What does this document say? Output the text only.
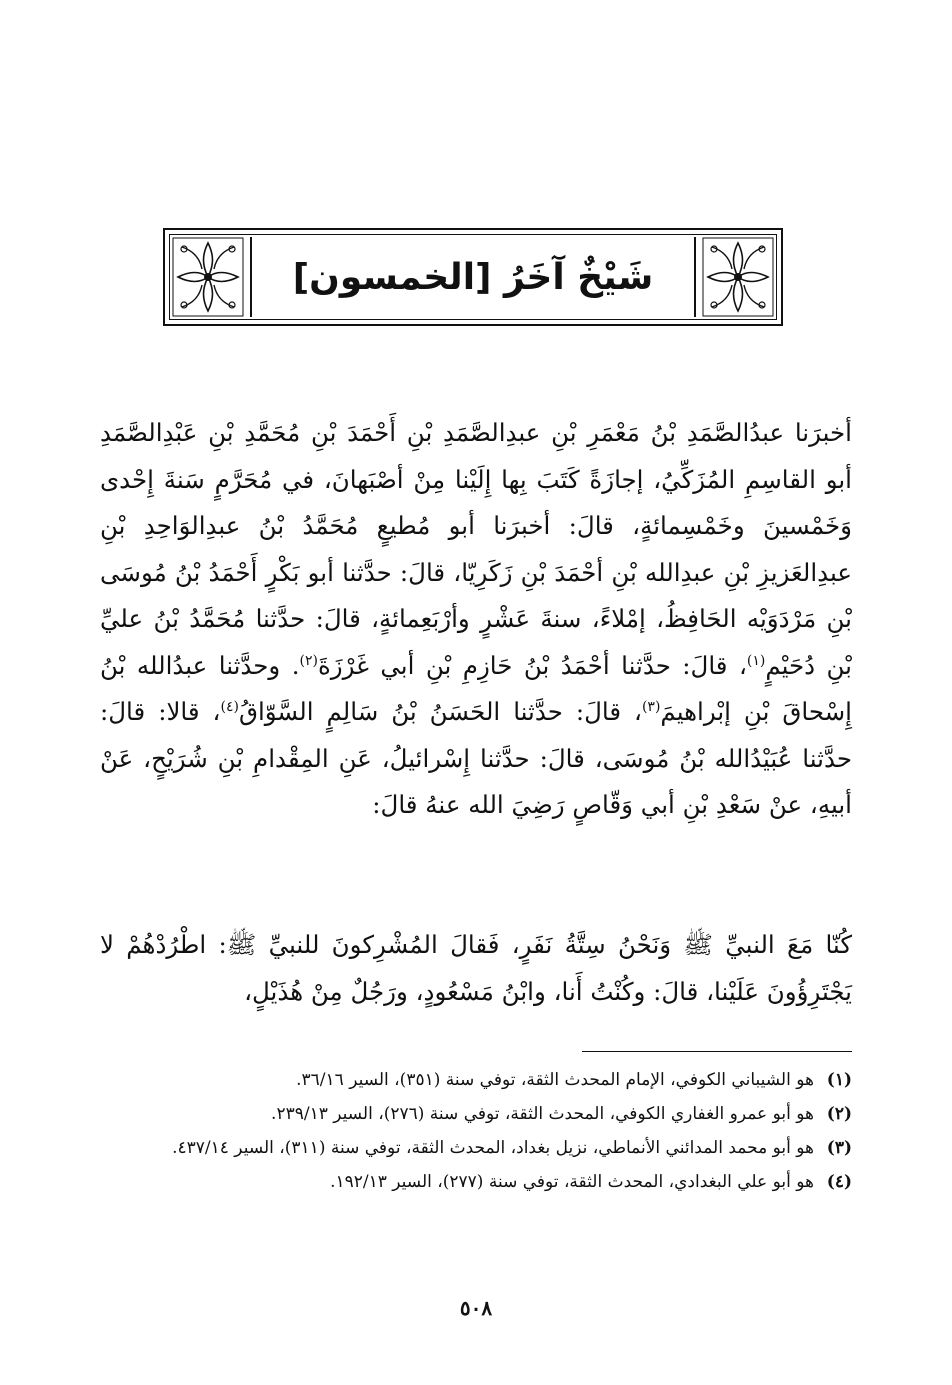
شَيْخٌ آخَرُ [الخمسون]

أخبرَنا عبدُالصَّمَدِ بْنُ مَعْمَرِ بْنِ عبدِالصَّمَدِ بْنِ أَحْمَدَ بْنِ مُحَمَّدِ بْنِ عَبْدِالصَّمَدِ أبو القاسِمِ المُزَكِّيُ، إجازَةً كَتَبَ بِها إِلَيْنا مِنْ أصْبَهانَ، في مُحَرَّمٍ سَنةَ إِحْدى وَخَمْسينَ وخَمْسِمائةٍ، قالَ: أخبرَنا أبو مُطيعٍ مُحَمَّدُ بْنُ عبدِالوَاحِدِ بْنِ عبدِالعَزيزِ بْنِ عبدِالله بْنِ أحْمَدَ بْنِ زَكَرِيّا، قالَ: حدَّثنا أبو بَكْرٍ أَحْمَدُ بْنُ مُوسَى بْنِ مَرْدَوَيْه الحَافِظُ، إمْلاءً، سنةَ عَشْرٍ وأرْبَعِمائةٍ، قالَ: حدَّثنا مُحَمَّدُ بْنُ عليِّ بْنِ دُحَيْمٍ$^{(١)}$، قالَ: حدَّثنا أحْمَدُ بْنُ حَازِمِ بْنِ أبي غَرْزَةَ$^{(٢)}$. وحدَّثنا عبدُالله بْنُ إِسْحاقَ بْنِ إبْراهيمَ$^{(٣)}$، قالَ: حدَّثنا الحَسَنُ بْنُ سَالِمٍ السَّوّاقُ$^{(٤)}$، قالا: قالَ: حدَّثنا عُبَيْدُالله بْنُ مُوسَى، قالَ: حدَّثنا إِسْرائيلُ، عَنِ المِقْدامِ بْنِ شُرَيْحٍ، عَنْ أبيهِ، عنْ سَعْدِ بْنِ أبي وَقّاصٍ رَضِيَ الله عنهُ قالَ:

كُنّا مَعَ النبيِّ ﷺ وَنَحْنُ سِتَّةُ نَفَرٍ، فَقالَ المُشْرِكونَ للنبيِّ ﷺ: اطْرُدْهُمْ لا يَجْتَرِؤُونَ عَلَيْنا، قالَ: وكُنْتُ أَنا، وابْنُ مَسْعُودٍ، ورَجُلٌ مِنْ هُذَيْلٍ،

(١)
هو الشيباني الكوفي، الإمام المحدث الثقة، توفي سنة (٣٥١)، السير ٣٦/١٦.
(٢)
هو أبو عمرو الغفاري الكوفي، المحدث الثقة، توفي سنة (٢٧٦)، السير ٢٣٩/١٣.
(٣)
هو أبو محمد المدائني الأنماطي، نزيل بغداد، المحدث الثقة، توفي سنة (٣١١)، السير ٤٣٧/١٤.
(٤)
هو أبو علي البغدادي، المحدث الثقة، توفي سنة (٢٧٧)، السير ١٩٢/١٣.
٥٠٨
